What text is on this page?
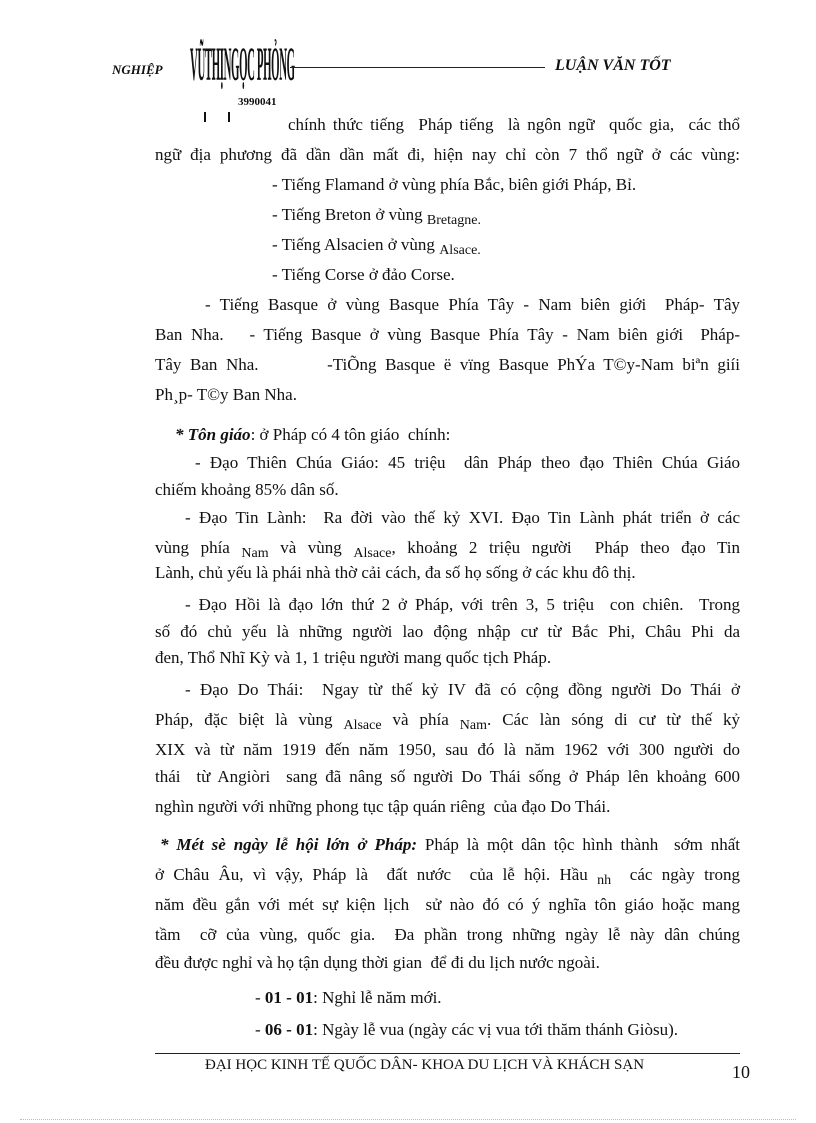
VŨTHỊNGỌC PHỎNG
NGHIỆP
3990041
LUẬN VĂN TỐT
chính thức tiếng  Pháp tiếng  là ngôn ngữ  quốc gia,  các thổ
ngữ địa phương đã dần dần mất đi, hiện nay chỉ còn 7 thổ ngữ ở các vùng:
- Tiếng Flamand ở vùng phía Bắc, biên giới Pháp, Bỉ.
- Tiếng Breton ở vùng $_{Bretagne.}$
- Tiếng Alsacien ở vùng $_{Alsace.}$
- Tiếng Corse ở đảo Corse.
- Tiếng Basque ở vùng Basque Phía Tây - Nam biên giới  Pháp- Tây
Ban Nha.   - Tiếng Basque ở vùng Basque Phía Tây - Nam biên giới  Pháp-
Tây Ban Nha.        -TiÕng Basque ë vïng Basque PhÝa T©y-Nam biªn giíi
Ph¸p- T©y Ban Nha.
* Tôn giáo: ở Pháp có 4 tôn giáo  chính:
- Đạo Thiên Chúa Giáo: 45 triệu  dân Pháp theo đạo Thiên Chúa Giáo
chiếm khoảng 85% dân số.
- Đạo Tin Lành:  Ra đời vào thế kỷ XVI. Đạo Tin Lành phát triển ở các
vùng phía $_{Nam}$ và vùng $_{Alsace}$, khoảng 2 triệu người  Pháp theo đạo Tin
Lành, chủ yếu là phái nhà thờ cải cách, đa số họ sống ở các khu đô thị.
- Đạo Hồi là đạo lớn thứ 2 ở Pháp, với trên 3, 5 triệu  con chiên.  Trong
số đó chủ yếu là những người lao động nhập cư từ Bắc Phi, Châu Phi da
đen, Thổ Nhĩ Kỳ và 1, 1 triệu người mang quốc tịch Pháp.
- Đạo Do Thái:  Ngay từ thế kỷ IV đã có cộng đồng người Do Thái ở
Pháp, đặc biệt là vùng $_{Alsace}$ và phía $_{Nam}$. Các làn sóng di cư từ thế kỷ
XIX và từ năm 1919 đến năm 1950, sau đó là năm 1962 với 300 người do
thái  từ Angiòri  sang đã nâng số người Do Thái sống ở Pháp lên khoảng 600
nghìn người với những phong tục tập quán riêng  của đạo Do Thái.
* Mét sè ngày lễ hội lớn ở Pháp: Pháp là một dân tộc hình thành  sớm nhất
ở Châu Âu, vì vậy, Pháp là  đất nước  của lễ hội. Hầu $_{nh}$  các ngày trong
năm đều gắn với mét sự kiện lịch  sử nào đó có ý nghĩa tôn giáo hoặc mang
tầm  cỡ của vùng, quốc gia.  Đa phần trong những ngày lễ này dân chúng
đều được nghỉ và họ tận dụng thời gian  để đi du lịch nước ngoài.
- 01 - 01: Nghỉ lễ năm mới.
- 06 - 01: Ngày lễ vua (ngày các vị vua tới thăm thánh Giòsu).
ĐẠI HỌC KINH TẾ QUỐC DÂN- KHOA DU LỊCH VÀ KHÁCH SẠN	10
